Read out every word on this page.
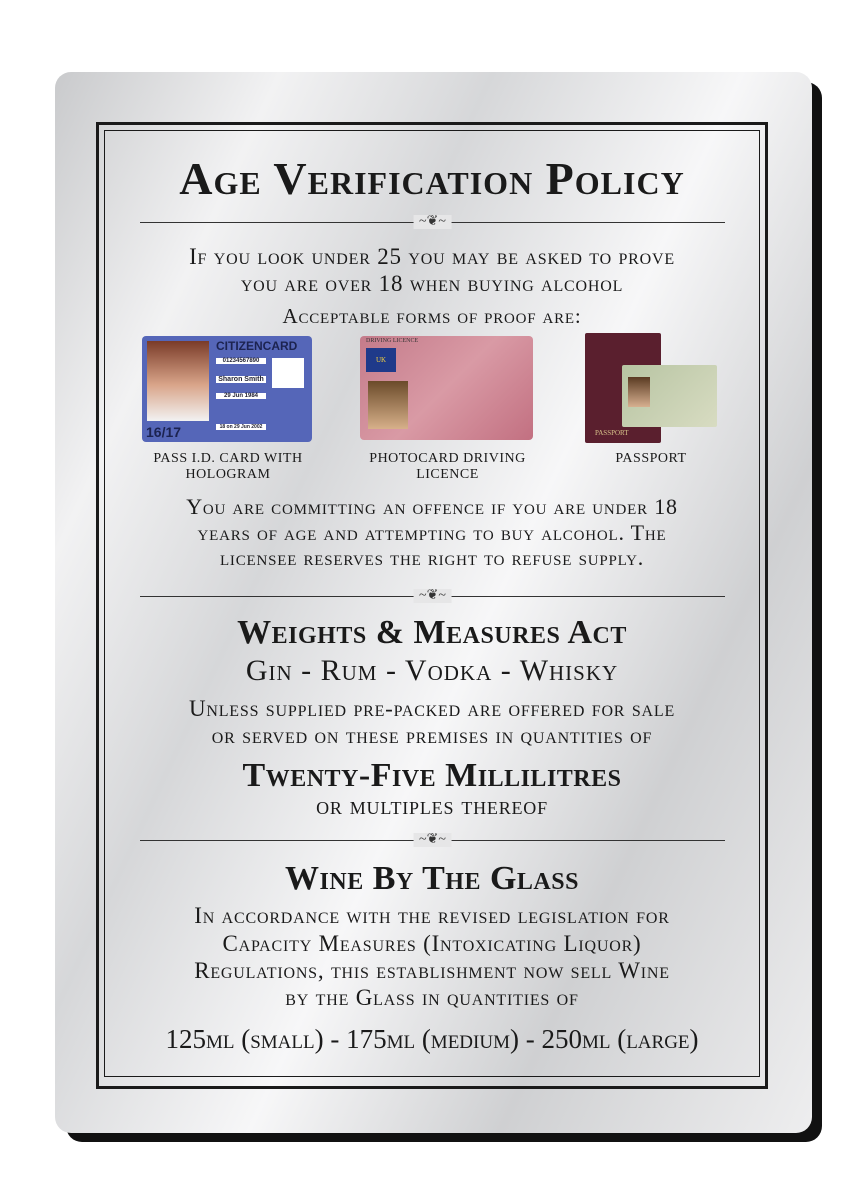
Age Verification Policy
~❦~
If you look under 25 you may be asked to prove
you are over 18 when buying alcohol
Acceptable forms of proof are:
CITIZENCARD
01234567890
Sharon Smith
29 Jun 1984
18 on 29 Jun 2002
16/17
DRIVING LICENCE
UK
PASSPORT
PASS I.D. CARD WITH HOLOGRAM
PHOTOCARD DRIVING LICENCE
PASSPORT
You are committing an offence if you are under 18
years of age and attempting to buy alcohol. The
licensee reserves the right to refuse supply.
~❦~
Weights & Measures Act
Gin - Rum - Vodka - Whisky
Unless supplied pre-packed are offered for sale
or served on these premises in quantities of
Twenty-Five Millilitres
or multiples thereof
~❦~
Wine By The Glass
In accordance with the revised legislation for
Capacity Measures (Intoxicating Liquor)
Regulations, this establishment now sell Wine
by the Glass in quantities of
125ml (small) - 175ml (medium) - 250ml (large)
